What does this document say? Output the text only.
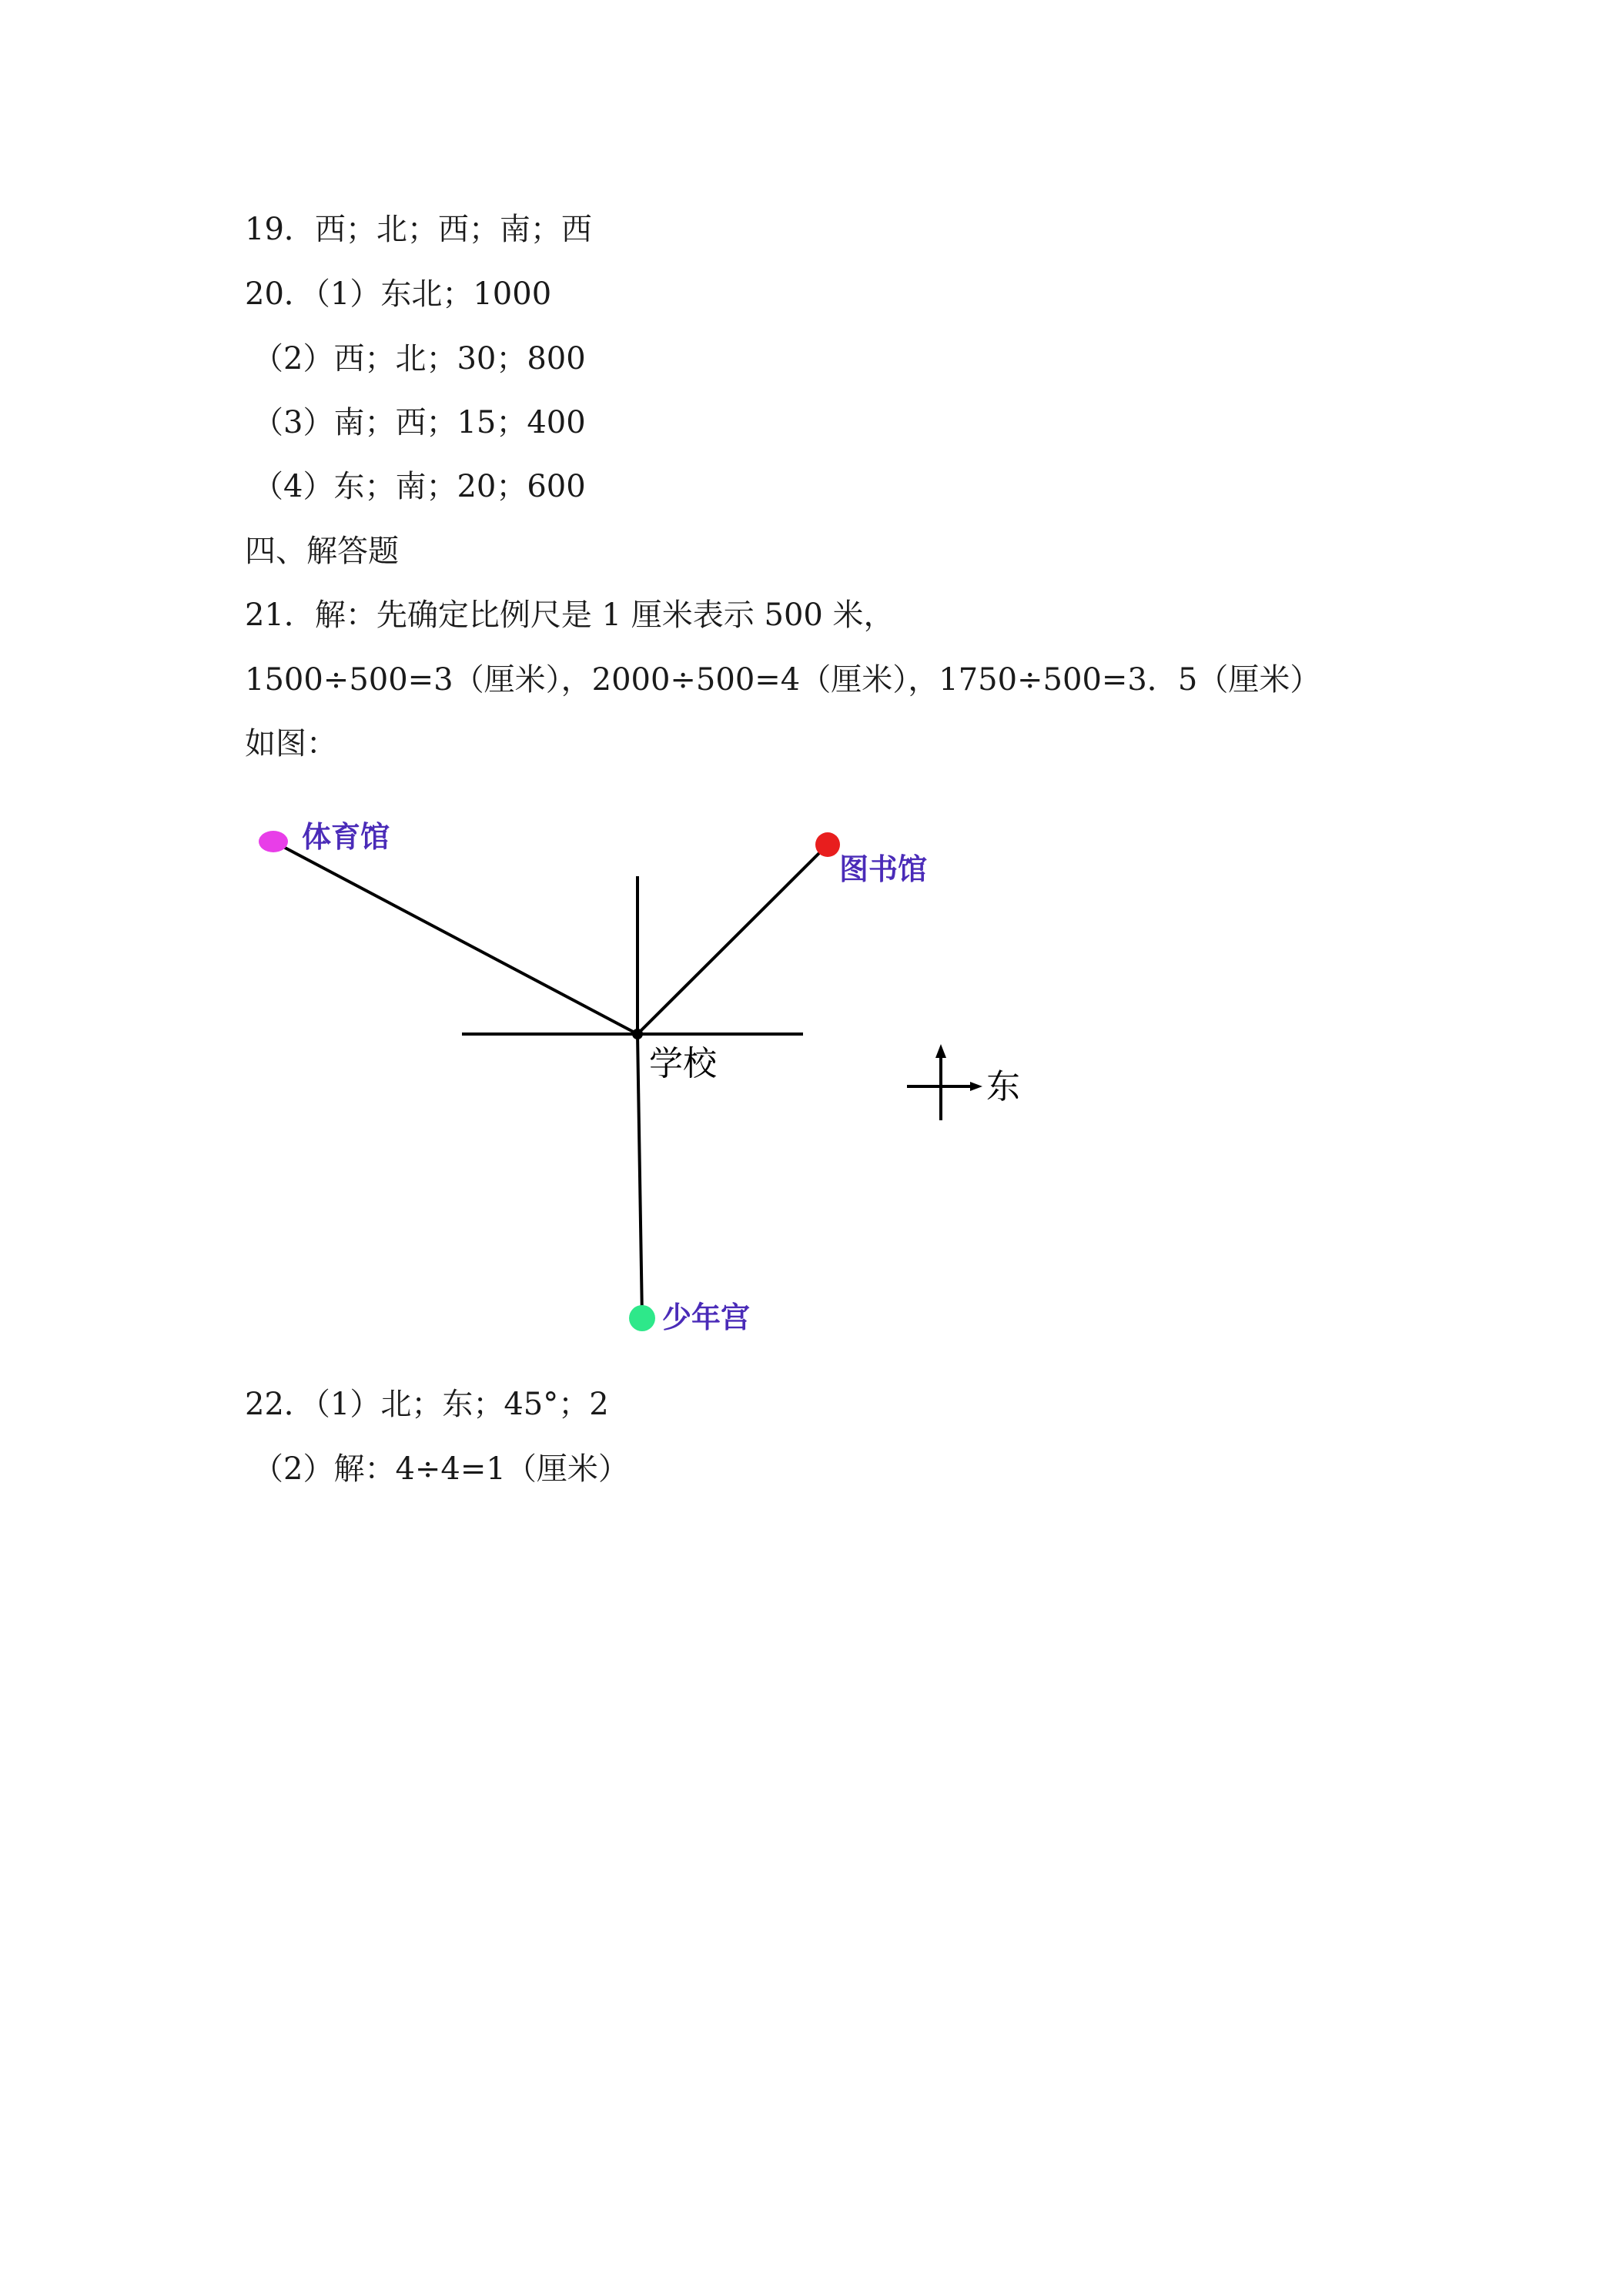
19．西；北；西；南；西

20．（1）东北；1000

（2）西；北；30；800

（3）南；西；15；400

（4）东；南；20；600

四、解答题

21．解：先确定比例尺是 1 厘米表示 500 米，

1500÷500=3（厘米），2000÷500=4（厘米），1750÷500=3．5（厘米）

如图：

体育馆
图书馆
少年宫
学校
东

22．（1）北；东；45°；2

（2）解：4÷4=1（厘米）
